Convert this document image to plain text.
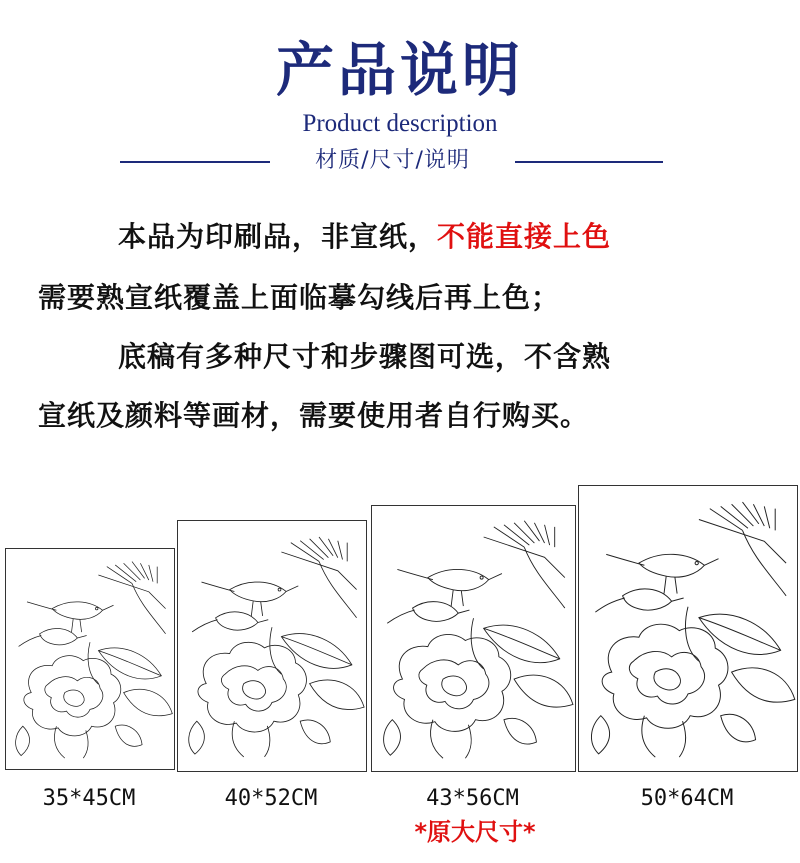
产品说明
Product description
材质/尺寸/说明
本品为印刷品，非宣纸，不能直接上色
需要熟宣纸覆盖上面临摹勾线后再上色；
底稿有多种尺寸和步骤图可选，不含熟
宣纸及颜料等画材，需要使用者自行购买。
35*45CM	40*52CM	43*56CM	50*64CM
*原大尺寸*
